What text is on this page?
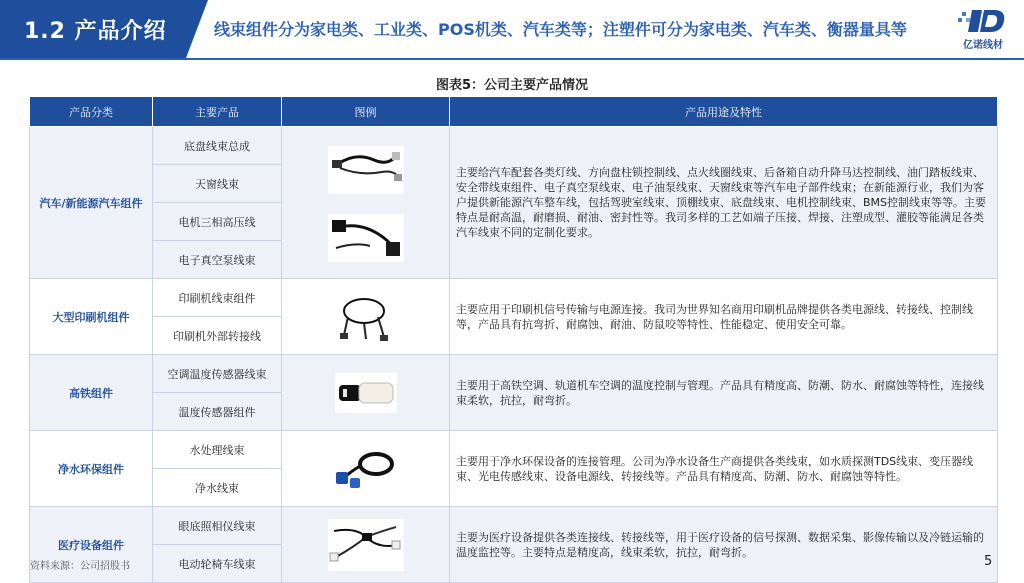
1.2 产品介绍	线束组件分为家电类、工业类、POS机类、汽车类等；注塑件可分为家电类、汽车类、衡器量具等
亿诺线材
图表5：公司主要产品情况
产品分类	主要产品	图例	产品用途及特性
汽车/新能源汽车组件	底盘线束总成		主要给汽车配套各类灯线、方向盘柱锁控制线、点火线圈线束、后备箱自动升降马达控制线、油门踏板线束、安全带线束组件、电子真空泵线束、电子油泵线束、天窗线束等汽车电子部件线束；在新能源行业，我们为客户提供新能源汽车整车线，包括驾驶室线束、顶棚线束、底盘线束、电机控制线束、BMS控制线束等等。主要特点是耐高温，耐磨损、耐油、密封性等。我司多样的工艺如端子压接、焊接、注塑成型、灌胶等能满足各类汽车线束不同的定制化要求。
	天窗线束		
	电机三相高压线		
	电子真空泵线束		
大型印刷机组件	印刷机线束组件		主要应用于印刷机信号传输与电源连接。我司为世界知名商用印刷机品牌提供各类电源线、转接线、控制线等，产品具有抗弯折、耐腐蚀、耐油、防鼠咬等特性、性能稳定、使用安全可靠。
	印刷机外部转接线		
高铁组件	空调温度传感器线束		主要用于高铁空调、轨道机车空调的温度控制与管理。产品具有精度高、防潮、防水、耐腐蚀等特性，连接线束柔软，抗拉，耐弯折。
	温度传感器组件		
净水环保组件	水处理线束		主要用于净水环保设备的连接管理。公司为净水设备生产商提供各类线束，如水质探测TDS线束、变压器线束、光电传感线束、设备电源线、转接线等。产品具有精度高、防潮、防水、耐腐蚀等特性。
	净水线束		
医疗设备组件	眼底照相仪线束		主要为医疗设备提供各类连接线、转接线等，用于医疗设备的信号探测、数据采集、影像传输以及冷链运输的温度监控等。主要特点是精度高，线束柔软，抗拉，耐弯折。
	电动轮椅车线束		
资料来源：公司招股书	5
